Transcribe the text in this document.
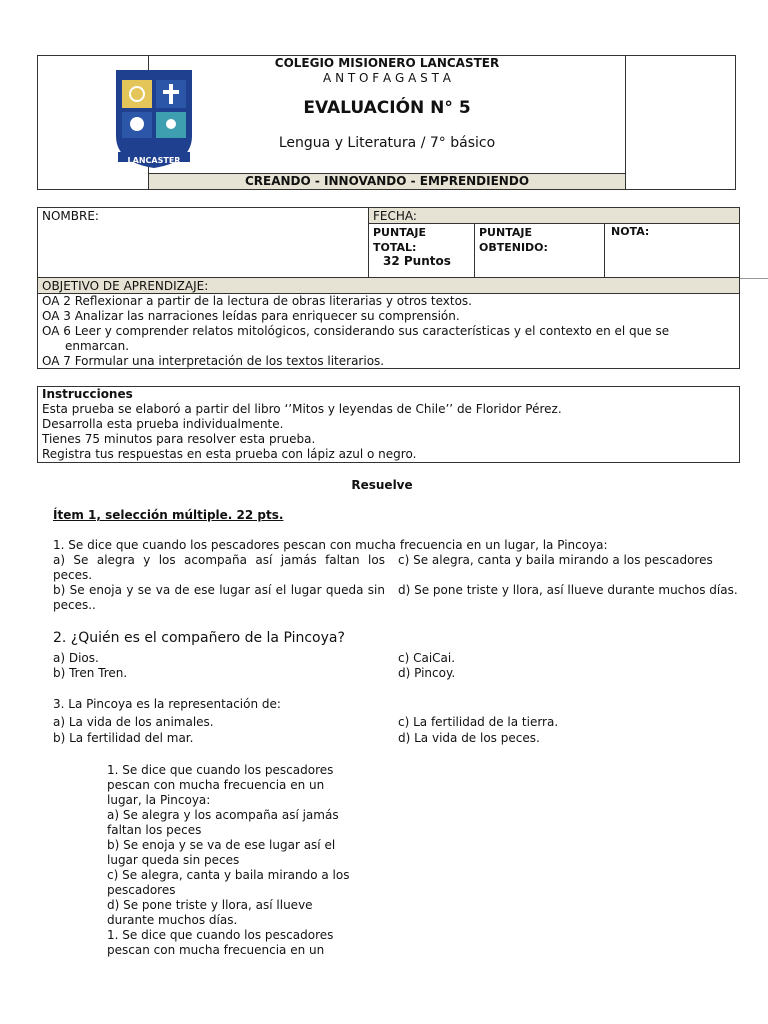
LANCASTER
COLEGIO MISIONERO LANCASTER
A N T O F A G A S T A
EVALUACIÓN N° 5
Lengua y Literatura / 7° básico
CREANDO - INNOVANDO - EMPRENDIENDO
NOMBRE:	FECHA:
PUNTAJE TOTAL:
32 Puntos
PUNTAJE OBTENIDO:
NOTA:
OBJETIVO DE APRENDIZAJE:

OA 2 Reflexionar a partir de la lectura de obras literarias y otros textos.

OA 3 Analizar las narraciones leídas para enriquecer su comprensión.

OA 6 Leer y comprender relatos mitológicos, considerando sus características y el contexto en el que se

enmarcan.

OA 7 Formular una interpretación de los textos literarios.

Instrucciones

Esta prueba se elaboró a partir del libro ‘’Mitos y leyendas de Chile’’ de Floridor Pérez.

Desarrolla esta prueba individualmente.

Tienes 75 minutos para resolver esta prueba.

Registra tus respuestas en esta prueba con lápiz azul o negro.

Resuelve
Ítem 1, selección múltiple. 22 pts.
1. Se dice que cuando los pescadores pescan con mucha frecuencia en un lugar, la Pincoya:
a) Se alegra y los acompaña así jamás faltan los peces.
b) Se enoja y se va de ese lugar así el lugar queda sin peces..
c) Se alegra, canta y baila mirando a los pescadores
d) Se pone triste y llora, así llueve durante muchos días.
2. ¿Quién es el compañero de la Pincoya?
a) Dios.
b) Tren Tren.
c) CaiCai.
d) Pincoy.
3. La Pincoya es la representación de:
a) La vida de los animales.
b) La fertilidad del mar.
c) La fertilidad de la tierra.
d) La vida de los peces.

1. Se dice que cuando los pescadores

pescan con mucha frecuencia en un

lugar, la Pincoya:

a) Se alegra y los acompaña así jamás

faltan los peces

b) Se enoja y se va de ese lugar así el

lugar queda sin peces

c) Se alegra, canta y baila mirando a los

pescadores

d) Se pone triste y llora, así llueve

durante muchos días.

1. Se dice que cuando los pescadores

pescan con mucha frecuencia en un
